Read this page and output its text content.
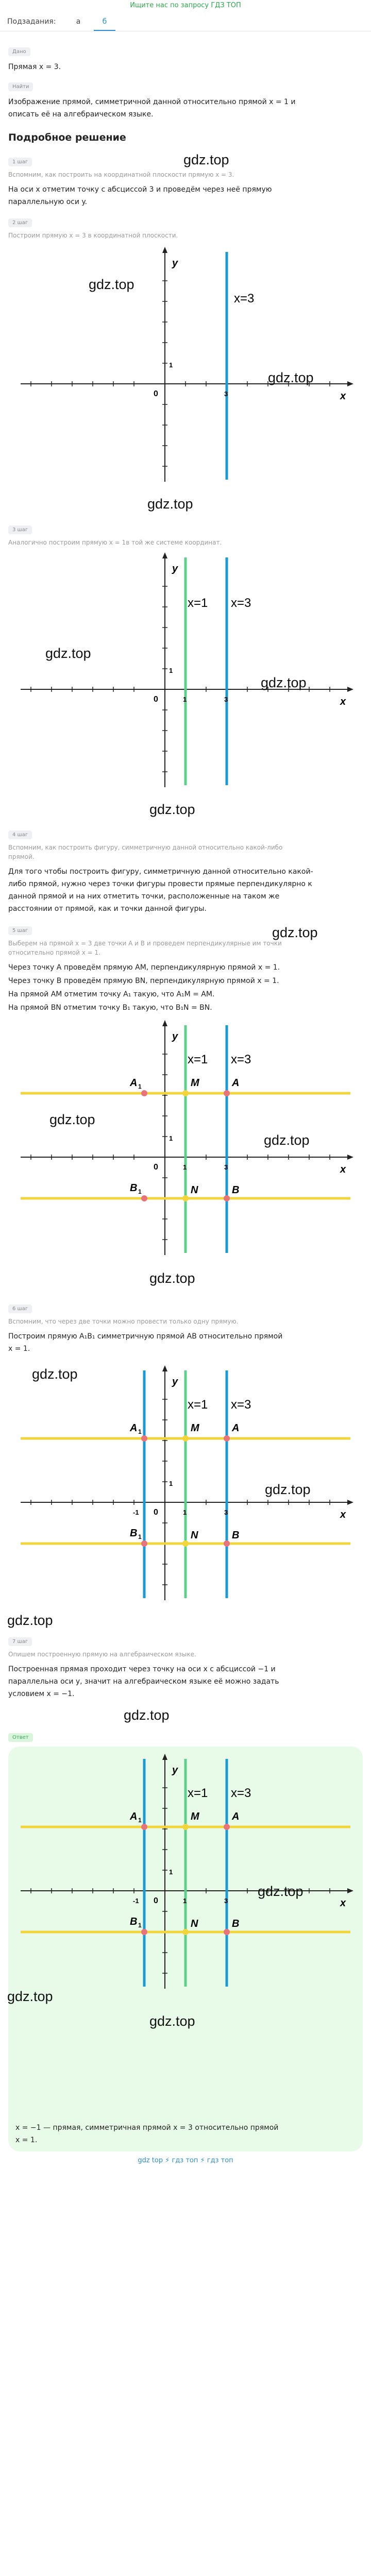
Ищите нас по запросу ГДЗ ТОП
Подзадания:	a	б
Дано
Прямая x = 3.
Найти
Изображение прямой, симметричной данной относительно прямой x = 1 и
описать её на алгебраическом языке.
Подробное решение
1 шаг
Вспомним, как построить на координатной плоскости прямую x = 3.
gdz.top
На оси x отметим точку с абсциссой 3 и проведём через неё прямую
параллельную оси y.
2 шаг
Построим прямую x = 3 в координатной плоскости.
y
x
0
1
3
x=3
gdz.top
gdz.top
gdz.top
3 шаг
Аналогично построим прямую x = 1в той же системе координат.
y
x
0
1
1	3
x=1 x=3
gdz.top
gdz.top
gdz.top
4 шаг
Вспомним, как построить фигуру, симметричную данной относительно какой-либо
прямой.
Для того чтобы построить фигуру, симметричную данной относительно какой-
либо прямой, нужно через точки фигуры провести прямые перпендикулярно к
данной прямой и на них отметить точки, расположенные на таком же
расстоянии от прямой, как и точки данной фигуры.
5 шаг	gdz.top
Выберем на прямой x = 3 две точки A и B и проведем перпендикулярные им точки
относительно прямой x = 1.
Через точку A проведём прямую AM, перпендикулярную прямой x = 1.
Через точку B проведём прямую BN, перпендикулярную прямой x = 1.
На прямой AM отметим точку A₁ такую, что A₁M = AM.
На прямой BN отметим точку B₁ такую, что B₁N = BN.
y
x
0
1
1	3
x=1 x=3
A 1	M	A
B 1	N	B
gdz.top
gdz.top
gdz.top
6 шаг
Вспомним, что через две точки можно провести только одну прямую.
Построим прямую A₁B₁ симметричную прямой AB относительно прямой
x = 1.
gdz.top	y
x
0
-1
1
1	3
x=1 x=3
A 1	M	A
B 1	N	B
gdz.top
gdz.top
7 шаг
Опишем построенную прямую на алгебраическом языке.
Построенная прямая проходит через точку на оси x с абсциссой −1 и
параллельна оси y, значит на алгебраическом языке её можно задать
условием x = −1.
gdz.top
Ответ
y
x
0
-1
1
1	3
x=1 x=3
A 1	M	A
B 1	N	B
gdz.top
gdz.top
gdz.top
x = −1 — прямая, симметричная прямой x = 3 относительно прямой
x = 1.
gdz top ⚡ гдз топ ⚡ гдз топ
